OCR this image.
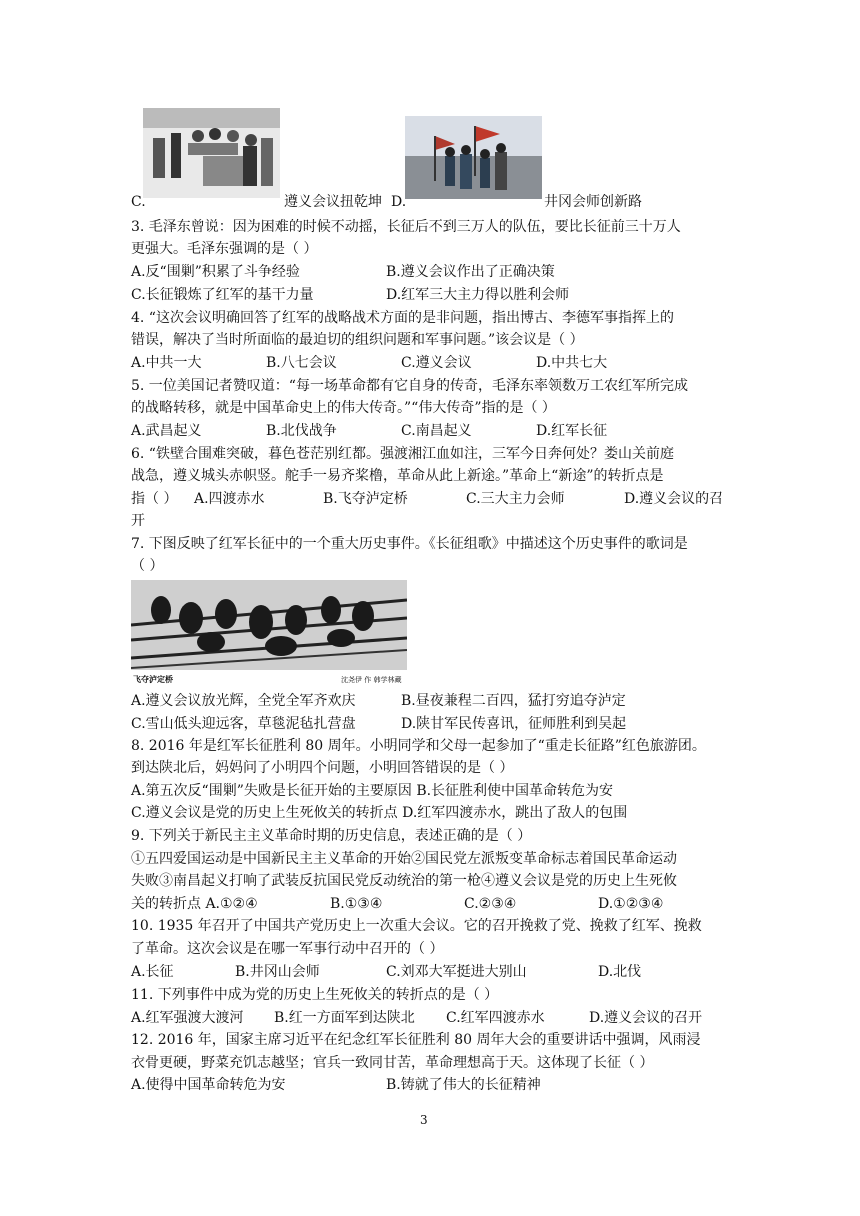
C.	遵义会议扭乾坤 D.	井冈会师创新路
3. 毛泽东曾说：因为困难的时候不动摇，长征后不到三万人的队伍，要比长征前三十万人
更强大。毛泽东强调的是（ ）
A.反“围剿”积累了斗争经验	B.遵义会议作出了正确决策
C.长征锻炼了红军的基干力量	D.红军三大主力得以胜利会师
4. “这次会议明确回答了红军的战略战术方面的是非问题，指出博古、李德军事指挥上的
错误，解决了当时所面临的最迫切的组织问题和军事问题。”该会议是（ ）
A.中共一大	B.八七会议	C.遵义会议	D.中共七大
5. 一位美国记者赞叹道：“每一场革命都有它自身的传奇，毛泽东率领数万工农红军所完成
的战略转移，就是中国革命史上的伟大传奇。”“伟大传奇”指的是（ ）
A.武昌起义	B.北伐战争	C.南昌起义	D.红军长征
6. “铁壁合围难突破，暮色苍茫别红都。强渡湘江血如注，三军今日奔何处？娄山关前庭
战急，遵义城头赤帜竖。舵手一易齐桨橹，革命从此上新途。”革命上“新途”的转折点是
指（ ） A.四渡赤水	B.飞夺泸定桥	C.三大主力会师	D.遵义会议的召
开
7. 下图反映了红军长征中的一个重大历史事件。《长征组歌》中描述这个历史事件的歌词是
（ ）
飞夺泸定桥	沈尧伊 作 韩学林藏
A.遵义会议放光辉，全党全军齐欢庆	B.昼夜兼程二百四，猛打穷追夺泸定
C.雪山低头迎远客，草毯泥毡扎营盘	D.陕甘军民传喜讯，征师胜利到吴起
8. 2016 年是红军长征胜利 80 周年。小明同学和父母一起参加了“重走长征路”红色旅游团。
到达陕北后，妈妈问了小明四个问题，小明回答错误的是（ ）
A.第五次反“围剿”失败是长征开始的主要原因 B.长征胜利使中国革命转危为安
C.遵义会议是党的历史上生死攸关的转折点 D.红军四渡赤水，跳出了敌人的包围
9. 下列关于新民主主义革命时期的历史信息，表述正确的是（ ）
①五四爱国运动是中国新民主主义革命的开始②国民党左派叛变革命标志着国民革命运动
失败③南昌起义打响了武装反抗国民党反动统治的第一枪④遵义会议是党的历史上生死攸
关的转折点 A.①②④	B.①③④	C.②③④	D.①②③④
10. 1935 年召开了中国共产党历史上一次重大会议。它的召开挽救了党、挽救了红军、挽救
了革命。这次会议是在哪一军事行动中召开的（ ）
A.长征	B.井冈山会师	C.刘邓大军挺进大别山	D.北伐
11. 下列事件中成为党的历史上生死攸关的转折点的是（ ）
A.红军强渡大渡河 B.红一方面军到达陕北 C.红军四渡赤水	D.遵义会议的召开
12. 2016 年，国家主席习近平在纪念红军长征胜利 80 周年大会的重要讲话中强调，风雨浸
衣骨更硬，野菜充饥志越坚；官兵一致同甘苦，革命理想高于天。这体现了长征（ ）
A.使得中国革命转危为安	B.铸就了伟大的长征精神
3
